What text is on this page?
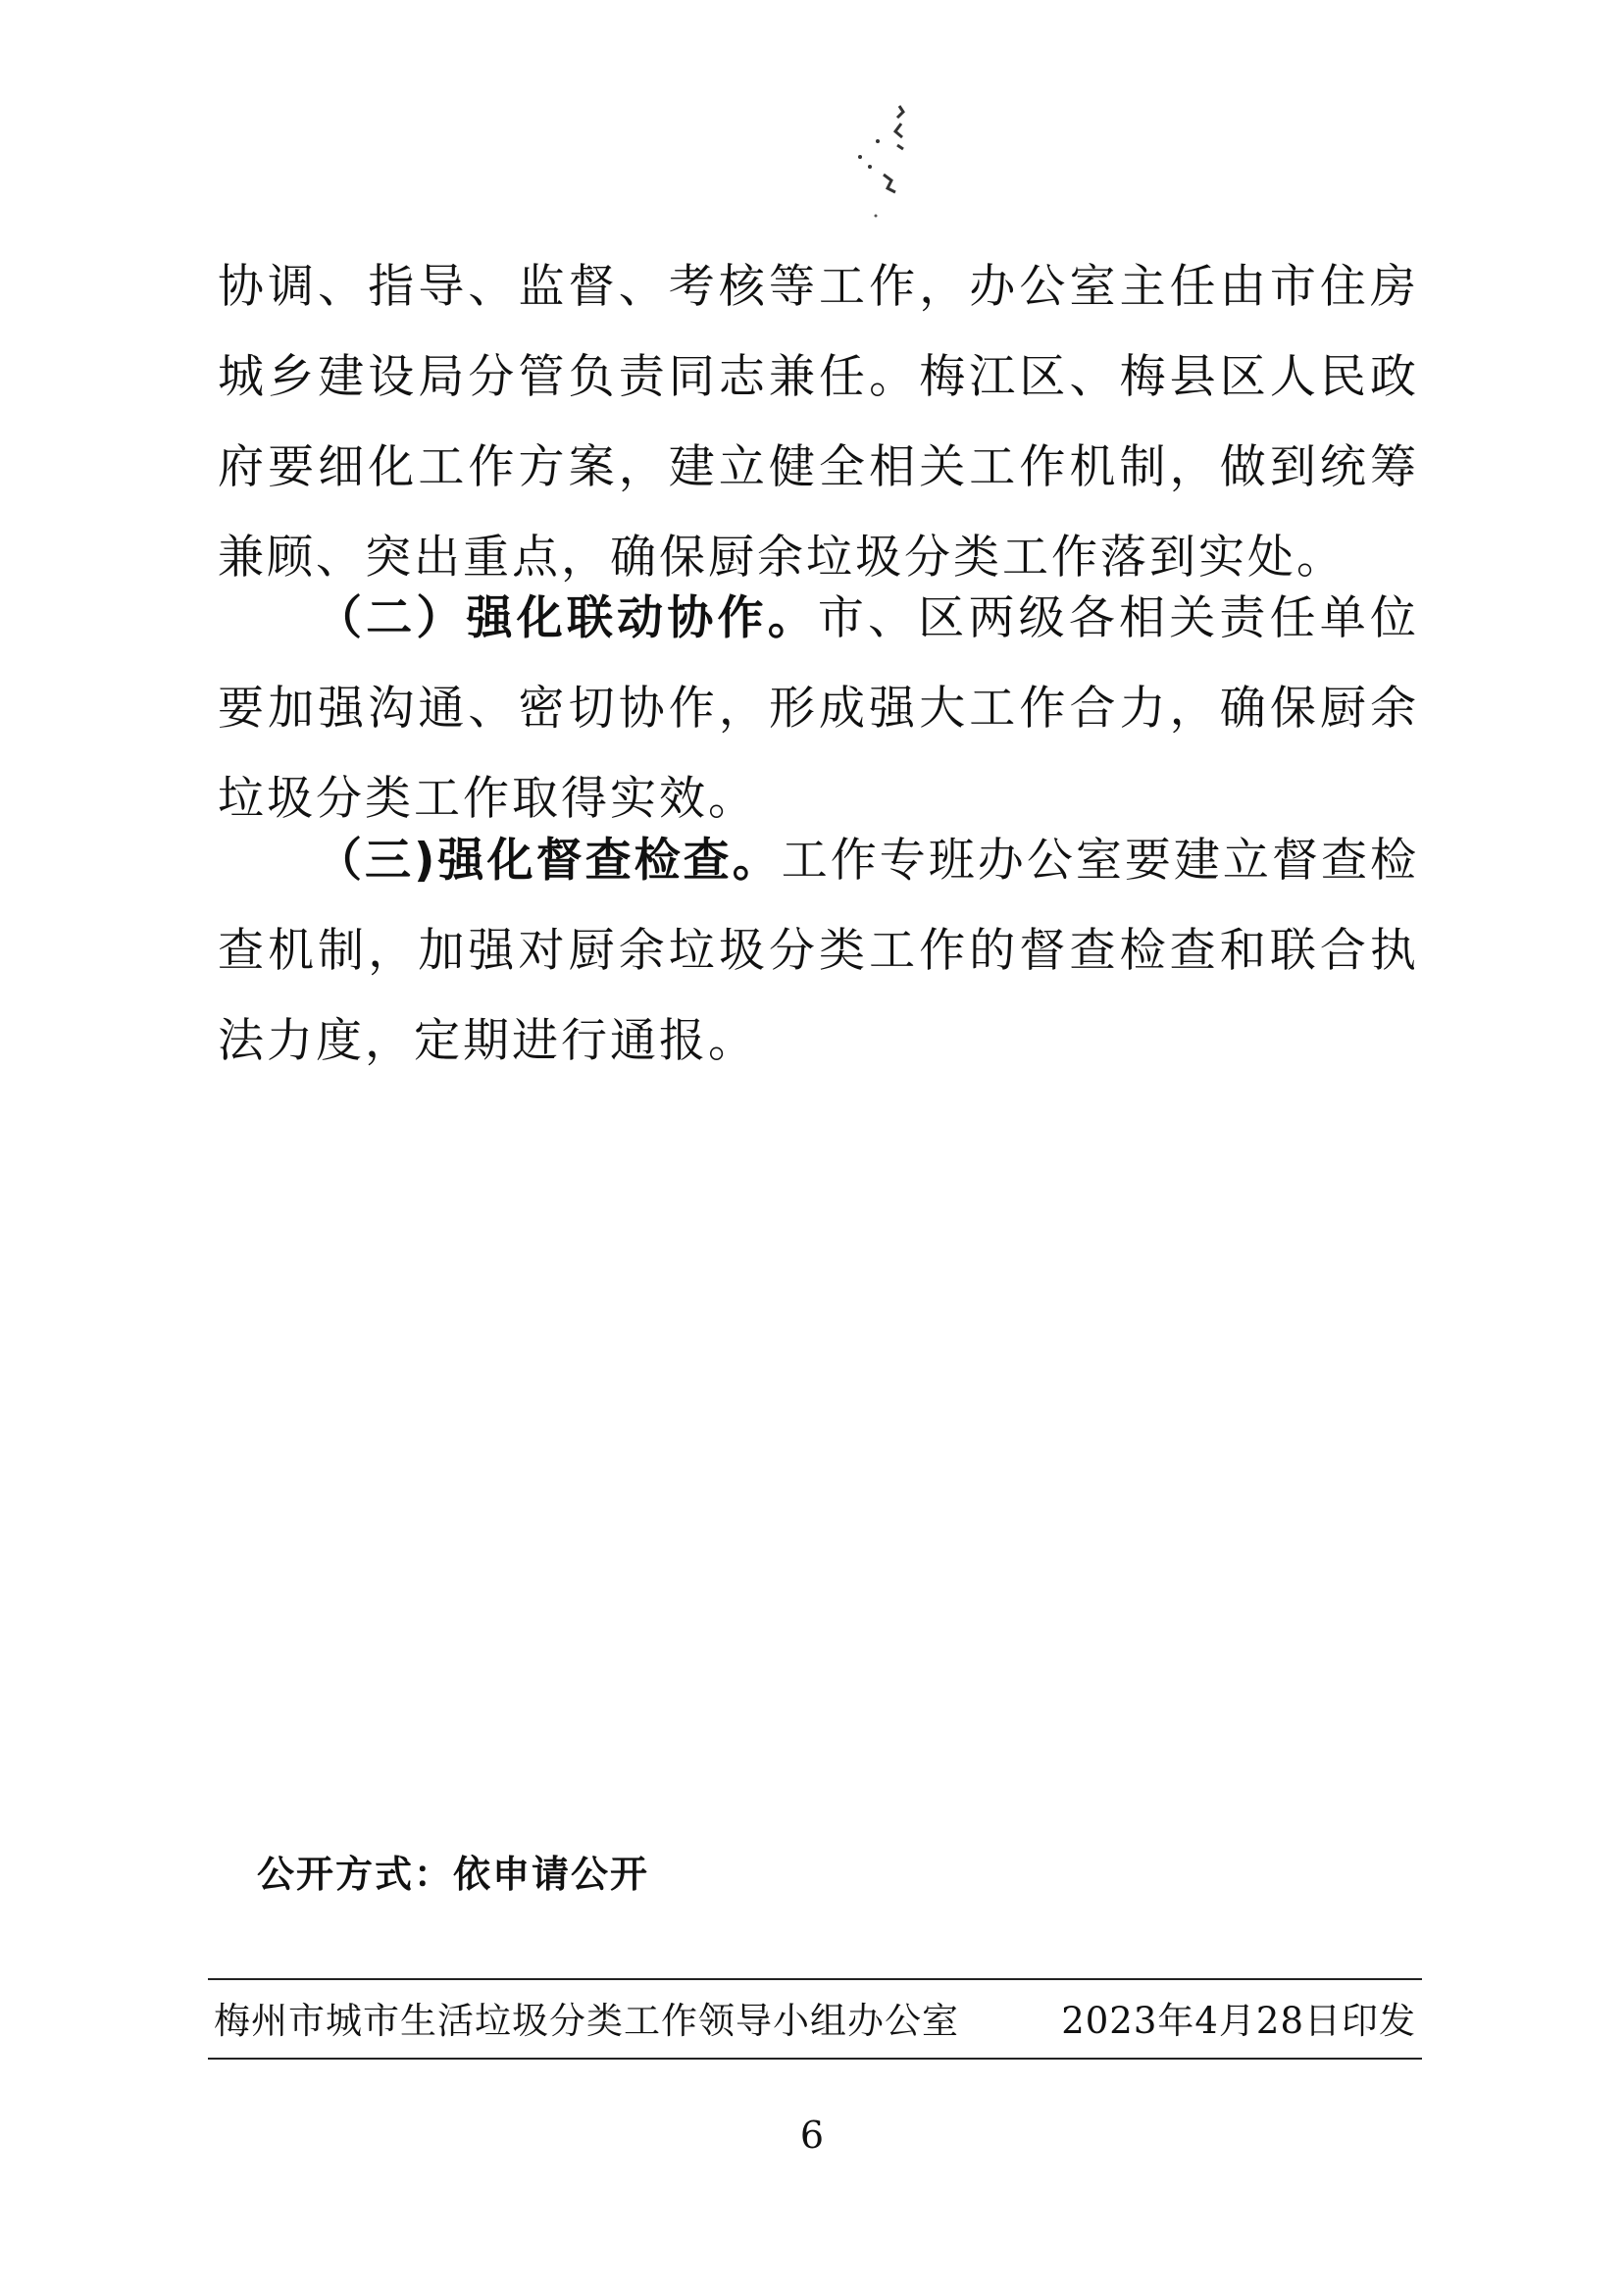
协调、指导、监督、考核等工作，办公室主任由市住房城乡建设局分管负责同志兼任。梅江区、梅县区人民政府要细化工作方案，建立健全相关工作机制，做到统筹兼顾、突出重点，确保厨余垃圾分类工作落到实处。

（二）强化联动协作。市、区两级各相关责任单位要加强沟通、密切协作，形成强大工作合力，确保厨余垃圾分类工作取得实效。

（三)强化督查检查。工作专班办公室要建立督查检查机制，加强对厨余垃圾分类工作的督查检查和联合执法力度，定期进行通报。

公开方式：依申请公开
梅州市城市生活垃圾分类工作领导小组办公室	2023年4月28日印发
6
